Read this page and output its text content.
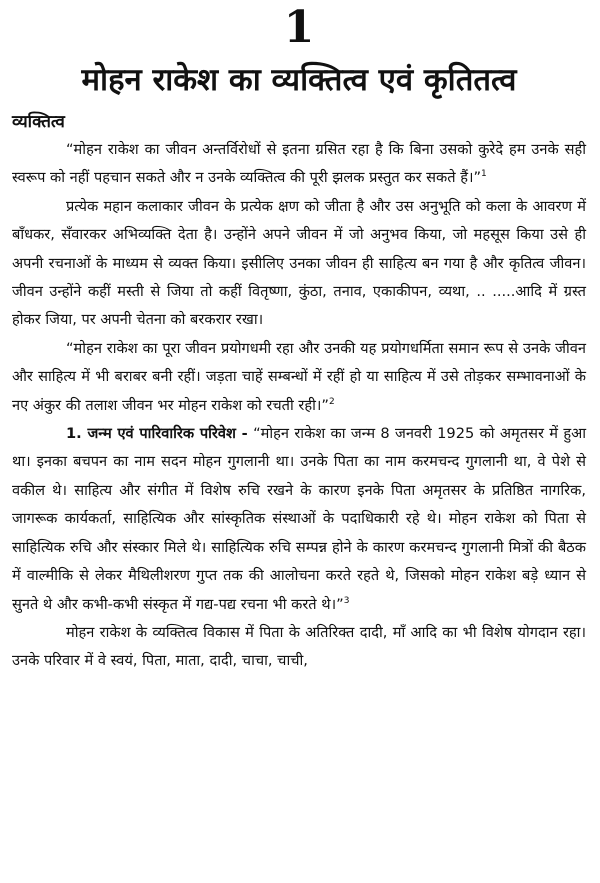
1
मोहन राकेश का व्यक्तित्व एवं कृतितत्व
व्यक्तित्व

“मोहन राकेश का जीवन अन्तर्विरोधों से इतना ग्रसित रहा है कि बिना उसको कुरेदे हम उनके सही स्वरूप को नहीं पहचान सकते और न उनके व्यक्तित्व की पूरी झलक प्रस्तुत कर सकते हैं।”$^1$

प्रत्येक महान कलाकार जीवन के प्रत्येक क्षण को जीता है और उस अनुभूति को कला के आवरण में बाँधकर, सँवारकर अभिव्यक्ति देता है। उन्होंने अपने जीवन में जो अनुभव किया, जो महसूस किया उसे ही अपनी रचनाओं के माध्यम से व्यक्त किया। इसीलिए उनका जीवन ही साहित्य बन गया है और कृतित्व जीवन। जीवन उन्होंने कहीं मस्ती से जिया तो कहीं वितृष्णा, कुंठा, तनाव, एकाकीपन, व्यथा, .. .....आदि में ग्रस्त होकर जिया, पर अपनी चेतना को बरकरार रखा।

“मोहन राकेश का पूरा जीवन प्रयोगधमी रहा और उनकी यह प्रयोगधर्मिता समान रूप से उनके जीवन और साहित्य में भी बराबर बनी रहीं। जड़ता चाहें सम्बन्धों में रहीं हो या साहित्य में उसे तोड़कर सम्भावनाओं के नए अंकुर की तलाश जीवन भर मोहन राकेश को रचती रही।”$^2$

1. जन्म एवं पारिवारिक परिवेश - “मोहन राकेश का जन्म 8 जनवरी 1925 को अमृतसर में हुआ था। इनका बचपन का नाम सदन मोहन गुगलानी था। उनके पिता का नाम करमचन्द गुगलानी था, वे पेशे से वकील थे। साहित्य और संगीत में विशेष रुचि रखने के कारण इनके पिता अमृतसर के प्रतिष्ठित नागरिक, जागरूक कार्यकर्ता, साहित्यिक और सांस्कृतिक संस्थाओं के पदाधिकारी रहे थे। मोहन राकेश को पिता से साहित्यिक रुचि और संस्कार मिले थे। साहित्यिक रुचि सम्पन्न होने के कारण करमचन्द गुगलानी मित्रों की बैठक में वाल्मीकि से लेकर मैथिलीशरण गुप्त तक की आलोचना करते रहते थे, जिसको मोहन राकेश बड़े ध्यान से सुनते थे और कभी-कभी संस्कृत में गद्य-पद्य रचना भी करते थे।”$^3$

मोहन राकेश के व्यक्तित्व विकास में पिता के अतिरिक्त दादी, माँ आदि का भी विशेष योगदान रहा। उनके परिवार में वे स्वयं, पिता, माता, दादी, चाचा, चाची,
